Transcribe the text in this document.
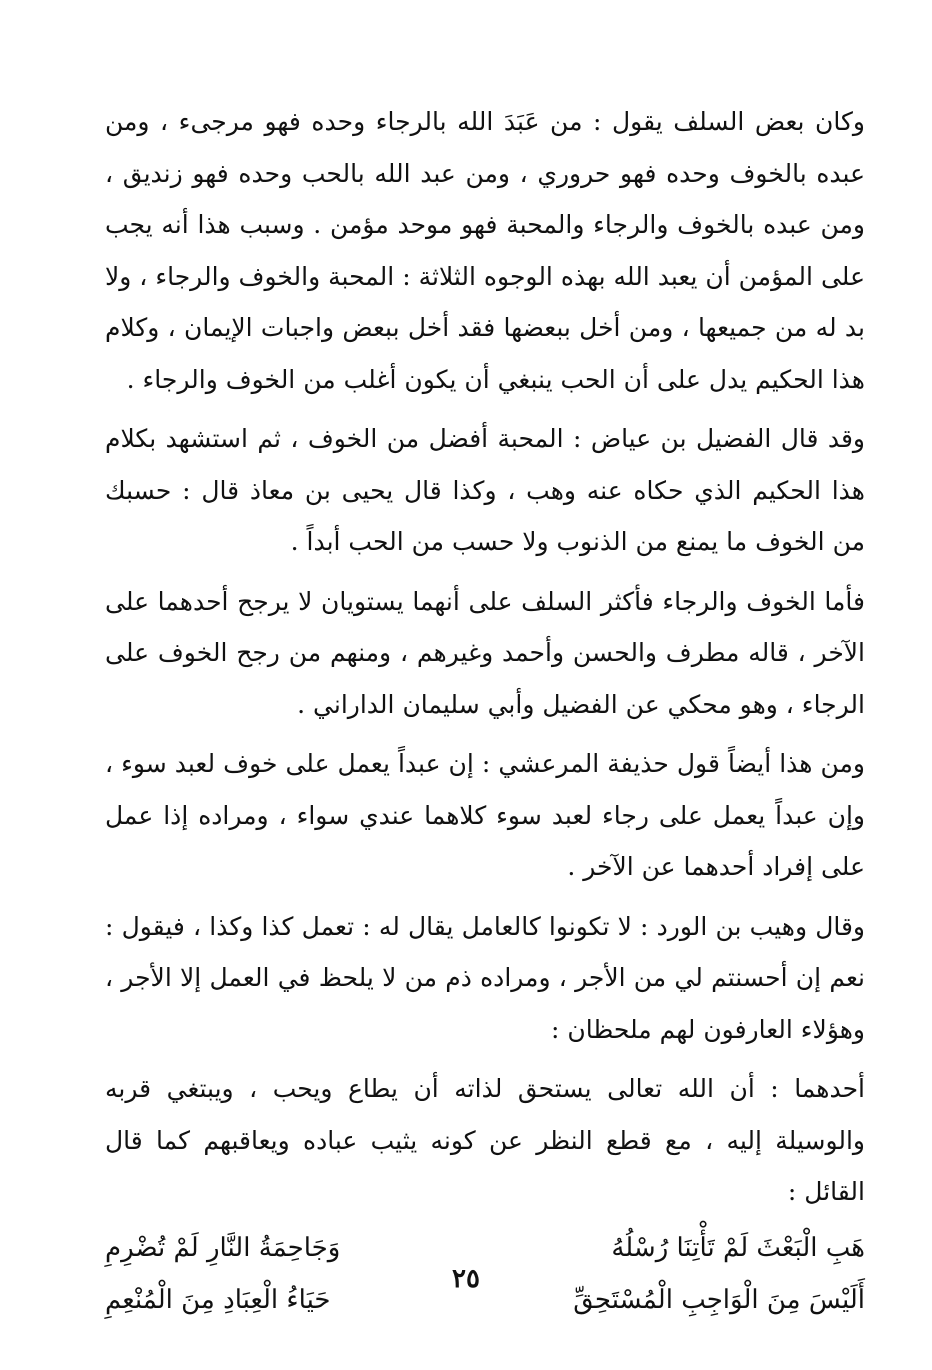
وكان بعض السلف يقول : من عَبَدَ الله بالرجاء وحده فهو مرجىء ، ومن عبده بالخوف وحده فهو حروري ، ومن عبد الله بالحب وحده فهو زنديق ، ومن عبده بالخوف والرجاء والمحبة فهو موحد مؤمن . وسبب هذا أنه يجب على المؤمن أن يعبد الله بهذه الوجوه الثلاثة : المحبة والخوف والرجاء ، ولا بد له من جميعها ، ومن أخل ببعضها فقد أخل ببعض واجبات الإيمان ، وكلام هذا الحكيم يدل على أن الحب ينبغي أن يكون أغلب من الخوف والرجاء .

وقد قال الفضيل بن عياض : المحبة أفضل من الخوف ، ثم استشهد بكلام هذا الحكيم الذي حكاه عنه وهب ، وكذا قال يحيى بن معاذ قال : حسبك من الخوف ما يمنع من الذنوب ولا حسب من الحب أبداً .

فأما الخوف والرجاء فأكثر السلف على أنهما يستويان لا يرجح أحدهما على الآخر ، قاله مطرف والحسن وأحمد وغيرهم ، ومنهم من رجح الخوف على الرجاء ، وهو محكي عن الفضيل وأبي سليمان الداراني .

ومن هذا أيضاً قول حذيفة المرعشي : إن عبداً يعمل على خوف لعبد سوء ، وإن عبداً يعمل على رجاء لعبد سوء كلاهما عندي سواء ، ومراده إذا عمل على إفراد أحدهما عن الآخر .

وقال وهيب بن الورد : لا تكونوا كالعامل يقال له : تعمل كذا وكذا ، فيقول : نعم إن أحسنتم لي من الأجر ، ومراده ذم من لا يلحظ في العمل إلا الأجر ، وهؤلاء العارفون لهم ملحظان :

أحدهما : أن الله تعالى يستحق لذاته أن يطاع ويحب ، ويبتغي قربه والوسيلة إليه ، مع قطع النظر عن كونه يثيب عباده ويعاقبهم كما قال القائل :

هَبِ الْبَعْثَ لَمْ تَأْتِنَا رُسْلُهُ
وَجَاحِمَةُ النَّارِ لَمْ تُضْرِمِ
أَلَيْسَ مِنَ الْوَاجِبِ الْمُسْتَحِقِّ
حَيَاءُ الْعِبَادِ مِنَ الْمُنْعِمِ
٢٥
